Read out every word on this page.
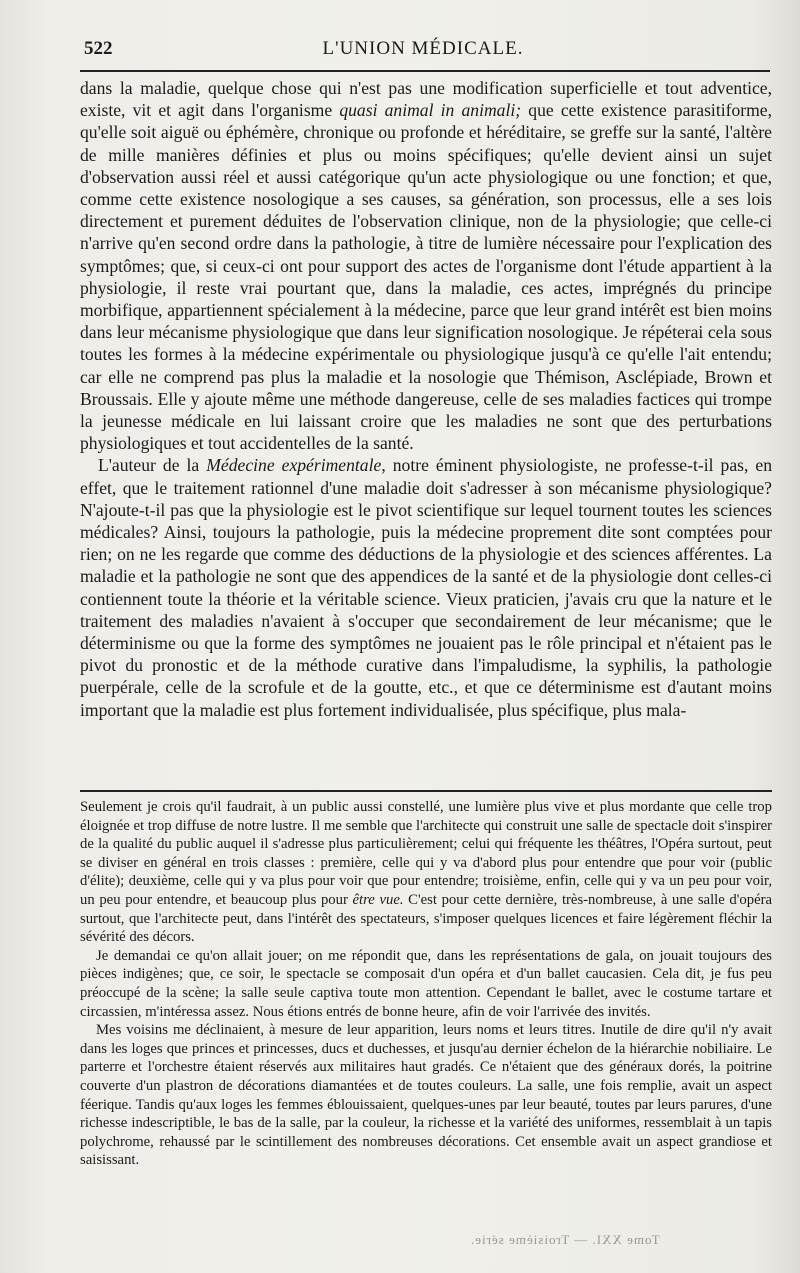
522	L'UNION MÉDICALE.

dans la maladie, quelque chose qui n'est pas une modification superficielle et tout adventice, existe, vit et agit dans l'organisme quasi animal in animali; que cette existence parasitiforme, qu'elle soit aiguë ou éphémère, chronique ou profonde et héréditaire, se greffe sur la santé, l'altère de mille manières définies et plus ou moins spécifiques; qu'elle devient ainsi un sujet d'observation aussi réel et aussi catégorique qu'un acte physiologique ou une fonction; et que, comme cette existence nosologique a ses causes, sa génération, son processus, elle a ses lois directement et purement déduites de l'observation clinique, non de la physiologie; que celle-ci n'arrive qu'en second ordre dans la pathologie, à titre de lumière nécessaire pour l'explication des symptômes; que, si ceux-ci ont pour support des actes de l'organisme dont l'étude appartient à la physiologie, il reste vrai pourtant que, dans la maladie, ces actes, imprégnés du principe morbifique, appartiennent spécialement à la médecine, parce que leur grand intérêt est bien moins dans leur mécanisme physiologique que dans leur signification nosologique. Je répéterai cela sous toutes les formes à la médecine expérimentale ou physiologique jusqu'à ce qu'elle l'ait entendu; car elle ne comprend pas plus la maladie et la nosologie que Thémison, Asclépiade, Brown et Broussais. Elle y ajoute même une méthode dangereuse, celle de ses maladies factices qui trompe la jeunesse médicale en lui laissant croire que les maladies ne sont que des perturbations physiologiques et tout accidentelles de la santé.

L'auteur de la Médecine expérimentale, notre éminent physiologiste, ne professe-t-il pas, en effet, que le traitement rationnel d'une maladie doit s'adresser à son mécanisme physiologique? N'ajoute-t-il pas que la physiologie est le pivot scientifique sur lequel tournent toutes les sciences médicales? Ainsi, toujours la pathologie, puis la médecine proprement dite sont comptées pour rien; on ne les regarde que comme des déductions de la physiologie et des sciences afférentes. La maladie et la pathologie ne sont que des appendices de la santé et de la physiologie dont celles-ci contiennent toute la théorie et la véritable science. Vieux praticien, j'avais cru que la nature et le traitement des maladies n'avaient à s'occuper que secondairement de leur mécanisme; que le déterminisme ou que la forme des symptômes ne jouaient pas le rôle principal et n'étaient pas le pivot du pronostic et de la méthode curative dans l'impaludisme, la syphilis, la pathologie puerpérale, celle de la scrofule et de la goutte, etc., et que ce déterminisme est d'autant moins important que la maladie est plus fortement individualisée, plus spécifique, plus mala-

Seulement je crois qu'il faudrait, à un public aussi constellé, une lumière plus vive et plus mordante que celle trop éloignée et trop diffuse de notre lustre. Il me semble que l'architecte qui construit une salle de spectacle doit s'inspirer de la qualité du public auquel il s'adresse plus particulièrement; celui qui fréquente les théâtres, l'Opéra surtout, peut se diviser en général en trois classes : première, celle qui y va d'abord plus pour entendre que pour voir (public d'élite); deuxième, celle qui y va plus pour voir que pour entendre; troisième, enfin, celle qui y va un peu pour voir, un peu pour entendre, et beaucoup plus pour être vue. C'est pour cette dernière, très-nombreuse, à une salle d'opéra surtout, que l'architecte peut, dans l'intérêt des spectateurs, s'imposer quelques licences et faire légèrement fléchir la sévérité des décors.

Je demandai ce qu'on allait jouer; on me répondit que, dans les représentations de gala, on jouait toujours des pièces indigènes; que, ce soir, le spectacle se composait d'un opéra et d'un ballet caucasien. Cela dit, je fus peu préoccupé de la scène; la salle seule captiva toute mon attention. Cependant le ballet, avec le costume tartare et circassien, m'intéressa assez. Nous étions entrés de bonne heure, afin de voir l'arrivée des invités.

Mes voisins me déclinaient, à mesure de leur apparition, leurs noms et leurs titres. Inutile de dire qu'il n'y avait dans les loges que princes et princesses, ducs et duchesses, et jusqu'au dernier échelon de la hiérarchie nobiliaire. Le parterre et l'orchestre étaient réservés aux militaires haut gradés. Ce n'étaient que des généraux dorés, la poitrine couverte d'un plastron de décorations diamantées et de toutes couleurs. La salle, une fois remplie, avait un aspect féerique. Tandis qu'aux loges les femmes éblouissaient, quelques-unes par leur beauté, toutes par leurs parures, d'une richesse indescriptible, le bas de la salle, par la couleur, la richesse et la variété des uniformes, ressemblait à un tapis polychrome, rehaussé par le scintillement des nombreuses décorations. Cet ensemble avait un aspect grandiose et saisissant.

Tome XXI. — Troisième série.
